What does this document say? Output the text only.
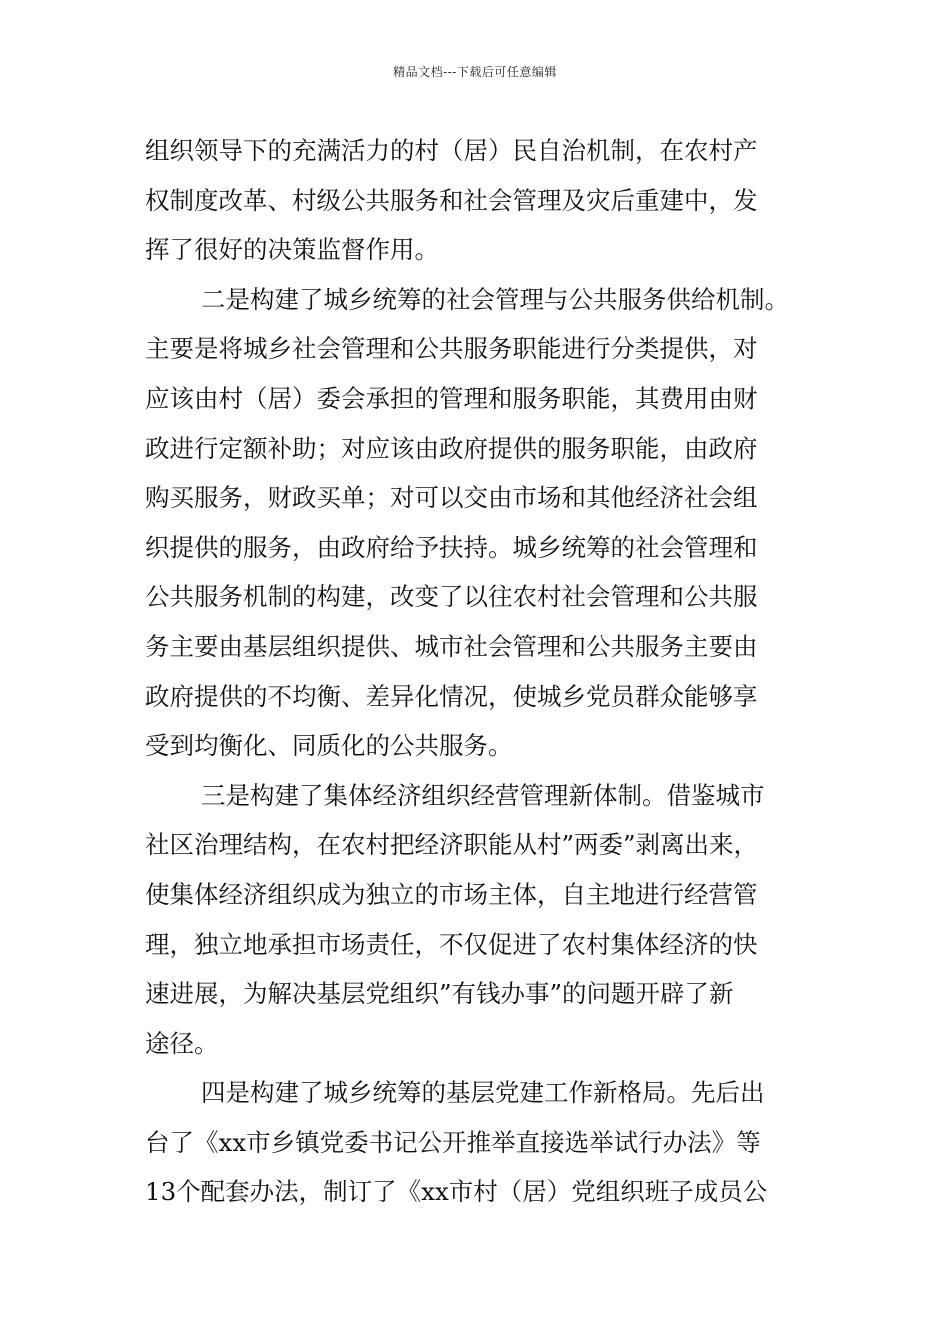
精品文档---下载后可任意编辑
组织领导下的充满活力的村（居）民自治机制，在农村产
权制度改革、村级公共服务和社会管理及灾后重建中，发
挥了很好的决策监督作用。
二是构建了城乡统筹的社会管理与公共服务供给机制。
主要是将城乡社会管理和公共服务职能进行分类提供，对
应该由村（居）委会承担的管理和服务职能，其费用由财
政进行定额补助；对应该由政府提供的服务职能，由政府
购买服务，财政买单；对可以交由市场和其他经济社会组
织提供的服务，由政府给予扶持。城乡统筹的社会管理和
公共服务机制的构建，改变了以往农村社会管理和公共服
务主要由基层组织提供、城市社会管理和公共服务主要由
政府提供的不均衡、差异化情况，使城乡党员群众能够享
受到均衡化、同质化的公共服务。
三是构建了集体经济组织经营管理新体制。借鉴城市
社区治理结构，在农村把经济职能从村”两委”剥离出来，
使集体经济组织成为独立的市场主体，自主地进行经营管
理，独立地承担市场责任，不仅促进了农村集体经济的快
速进展，为解决基层党组织”有钱办事”的问题开辟了新
途径。
四是构建了城乡统筹的基层党建工作新格局。先后出
台了《xx市乡镇党委书记公开推举直接选举试行办法》等
13个配套办法，制订了《xx市村（居）党组织班子成员公
